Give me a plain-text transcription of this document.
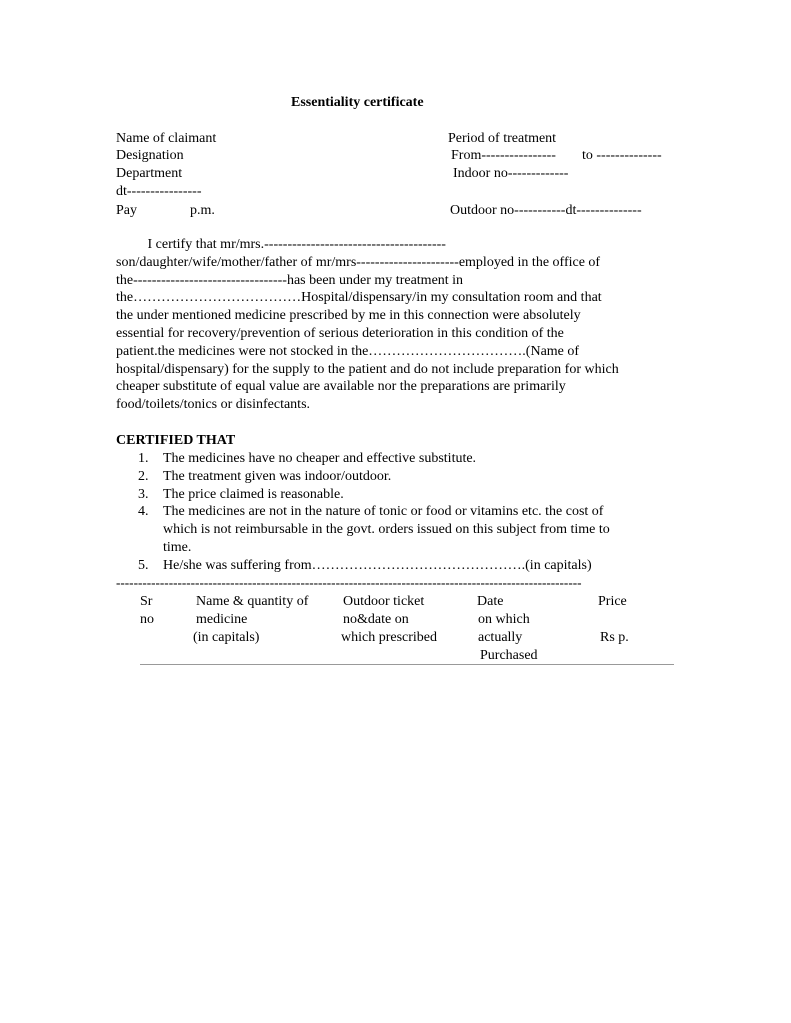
Essentiality certificate
Name of claimant
Designation
Department
dt----------------
Pay	p.m.
Period of treatment
From---------------- to --------------
Indoor no-------------
Outdoor no-----------dt--------------
I certify that mr/mrs.---------------------------------------
son/daughter/wife/mother/father of mr/mrs----------------------employed in the office of
the---------------------------------has been under my treatment in
the………………………………Hospital/dispensary/in my consultation room and that
the under mentioned medicine prescribed by me in this connection were absolutely
essential for recovery/prevention of serious deterioration in this condition of the
patient.the medicines were not stocked in the…………………………….(Name of
hospital/dispensary) for the supply to the patient and do not include preparation for which
cheaper substitute of equal value are available nor the preparations are primarily
food/toilets/tonics or disinfectants.
CERTIFIED THAT
1. The medicines have no cheaper and effective substitute.
2. The treatment given was indoor/outdoor.
3. The price claimed is reasonable.
4. The medicines are not in the nature of tonic or food or vitamins etc. the cost of
which is not reimbursable in the govt. orders issued on this subject from time to
time.
5. He/she was suffering from……………………………………….(in capitals)
----------------------------------------------------------------------------------------------------------
Sr
no
Name & quantity of
medicine
(in capitals)
Outdoor ticket
no&date on
which prescribed
Date
on which
actually
Purchased
Price
Rs p.
